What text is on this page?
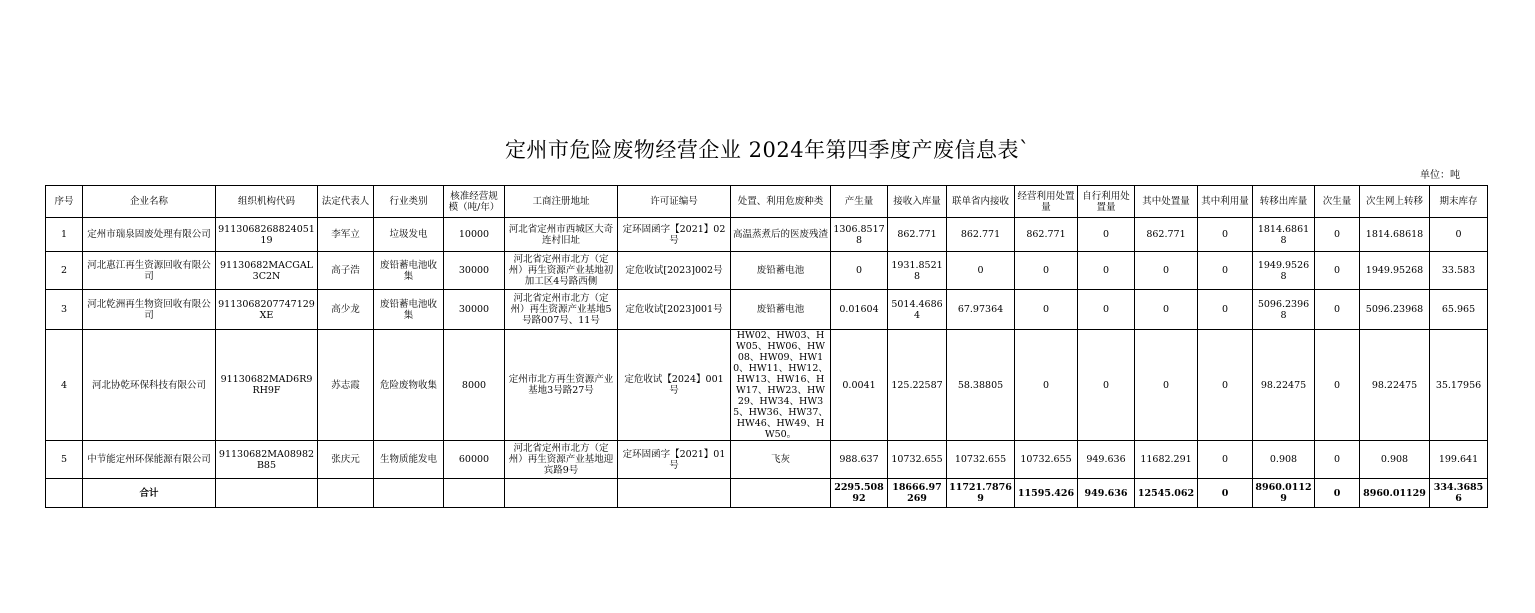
定州市危险废物经营企业 2024年第四季度产废信息表`
单位：吨
序号	企业名称	组织机构代码	法定代表人	行业类别	核准经营规模（吨/年）	工商注册地址	许可证编号	处置、利用危废种类	产生量	接收入库量	联单省内接收	经营利用处置量	自行利用处置量	其中处置量	其中利用量	转移出库量	次生量	次生网上转移	期末库存
1	定州市瑞泉固废处理有限公司	91130682688240511​9	李军立	垃圾发电	10000	河北省定州市西城区大奇连村旧址	定环固函字【2021】02号	高温蒸煮后的医废残渣	1306.85178	862.771	862.771	862.771	0	862.771	0	1814.68618	0	1814.68618	0
2	河北惠江再生资源回收有限公司	91130682MACGAL3C2N	高子浩	废铅蓄电池收集	30000	河北省定州市北方（定州）再生资源产业基地初加工区4号路西侧	定危收试[2023]002号	废铅蓄电池	0	1931.85218	0	0	0	0	0	1949.95268	0	1949.95268	33.583
3	河北乾洲再生物资回收有限公司	91130682077471​29XE	高少龙	废铅蓄电池收集	30000	河北省定州市北方（定州）再生资源产业基地5号路007号、11号	定危收试[2023]001号	废铅蓄电池	0.01604	5014.46864	67.97364	0	0	0	0	5096.23968	0	5096.23968	65.965
4	河北协乾环保科技有限公司	91130682MAD6R9RH9F	苏志霞	危险废物收集	8000	定州市北方再生资源产业基地3号路27号	定危收试【2024】001号	HW02、HW03、HW05、HW06、HW08、HW09、HW10、HW11、HW12、HW13、HW16、HW17、HW23、HW29、HW34、HW35、HW36、HW37、HW46、HW49、HW50。	0.0041	125.22587	58.38805	0	0	0	0	98.22475	0	98.22475	35.17956
5	中节能定州环保能源有限公司	91130682MA08982B85	张庆元	生物质能发电	60000	河北省定州市北方（定州）再生资源产业基地迎宾路9号	定环固函字【2021】01号	飞灰	988.637	10732.655	10732.655	10732.655	949.636	11682.291	0	0.908	0	0.908	199.641
	合计								2295.50892	18666.97269	11721.78769	11595.426	949.636	12545.062	0	8960.01129	0	8960.01129	334.36856
